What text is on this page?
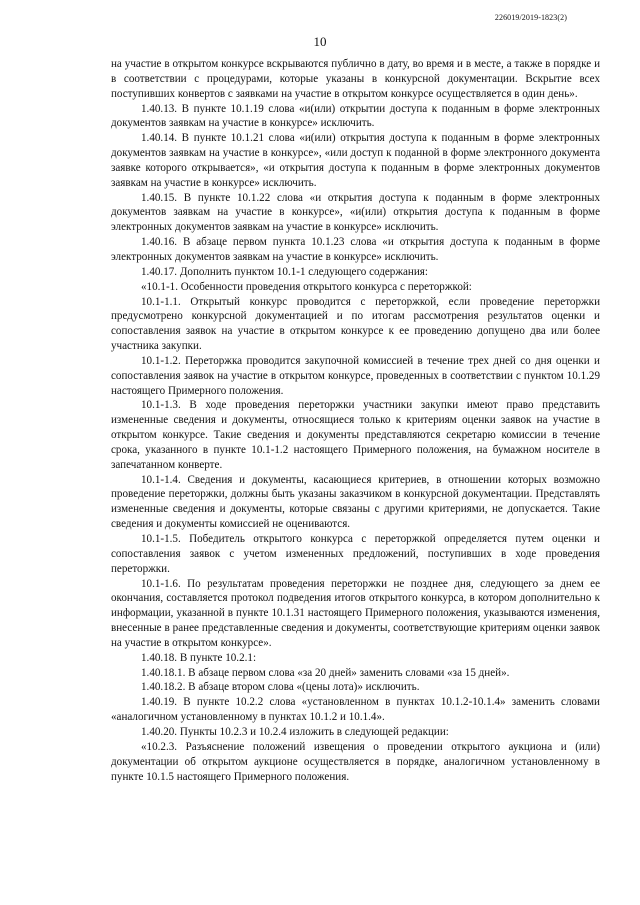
226019/2019-1823(2)
10

на участие в открытом конкурсе вскрываются публично в дату, во время и в месте, а также в порядке и в соответствии с процедурами, которые указаны в конкурсной документации. Вскрытие всех поступивших конвертов с заявками на участие в открытом конкурсе осуществляется в один день».

1.40.13. В пункте 10.1.19 слова «и(или) открытии доступа к поданным в форме электронных документов заявкам на участие в конкурсе» исключить.

1.40.14. В пункте 10.1.21 слова «и(или) открытия доступа к поданным в форме электронных документов заявкам на участие в конкурсе», «или доступ к поданной в форме электронного документа заявке которого открывается», «и открытия доступа к поданным в форме электронных документов заявкам на участие в конкурсе» исключить.

1.40.15. В пункте 10.1.22 слова «и открытия доступа к поданным в форме электронных документов заявкам на участие в конкурсе», «и(или) открытия доступа к поданным в форме электронных документов заявкам на участие в конкурсе» исключить.

1.40.16. В абзаце первом пункта 10.1.23 слова «и открытия доступа к поданным в форме электронных документов заявкам на участие в конкурсе» исключить.

1.40.17. Дополнить пунктом 10.1-1 следующего содержания:

«10.1-1. Особенности проведения открытого конкурса с переторжкой:

10.1-1.1. Открытый конкурс проводится с переторжкой, если проведение переторжки предусмотрено конкурсной документацией и по итогам рассмотрения результатов оценки и сопоставления заявок на участие в открытом конкурсе к ее проведению допущено два или более участника закупки.

10.1-1.2. Переторжка проводится закупочной комиссией в течение трех дней со дня оценки и сопоставления заявок на участие в открытом конкурсе, проведенных в соответствии с пунктом 10.1.29 настоящего Примерного положения.

10.1-1.3. В ходе проведения переторжки участники закупки имеют право представить измененные сведения и документы, относящиеся только к критериям оценки заявок на участие в открытом конкурсе. Такие сведения и документы представляются секретарю комиссии в течение срока, указанного в пункте 10.1-1.2 настоящего Примерного положения, на бумажном носителе в запечатанном конверте.

10.1-1.4. Сведения и документы, касающиеся критериев, в отношении которых возможно проведение переторжки, должны быть указаны заказчиком в конкурсной документации. Представлять измененные сведения и документы, которые связаны с другими критериями, не допускается. Такие сведения и документы комиссией не оцениваются.

10.1-1.5. Победитель открытого конкурса с переторжкой определяется путем оценки и сопоставления заявок с учетом измененных предложений, поступивших в ходе проведения переторжки.

10.1-1.6. По результатам проведения переторжки не позднее дня, следующего за днем ее окончания, составляется протокол подведения итогов открытого конкурса, в котором дополнительно к информации, указанной в пункте 10.1.31 настоящего Примерного положения, указываются изменения, внесенные в ранее представленные сведения и документы, соответствующие критериям оценки заявок на участие в открытом конкурсе».

1.40.18. В пункте 10.2.1:

1.40.18.1. В абзаце первом слова «за 20 дней» заменить словами «за 15 дней».

1.40.18.2. В абзаце втором слова «(цены лота)» исключить.

1.40.19. В пункте 10.2.2 слова «установленном в пунктах 10.1.2-10.1.4» заменить словами «аналогичном установленному в пунктах 10.1.2 и 10.1.4».

1.40.20. Пункты 10.2.3 и 10.2.4 изложить в следующей редакции:

«10.2.3. Разъяснение положений извещения о проведении открытого аукциона и (или) документации об открытом аукционе осуществляется в порядке, аналогичном установленному в пункте 10.1.5 настоящего Примерного положения.
